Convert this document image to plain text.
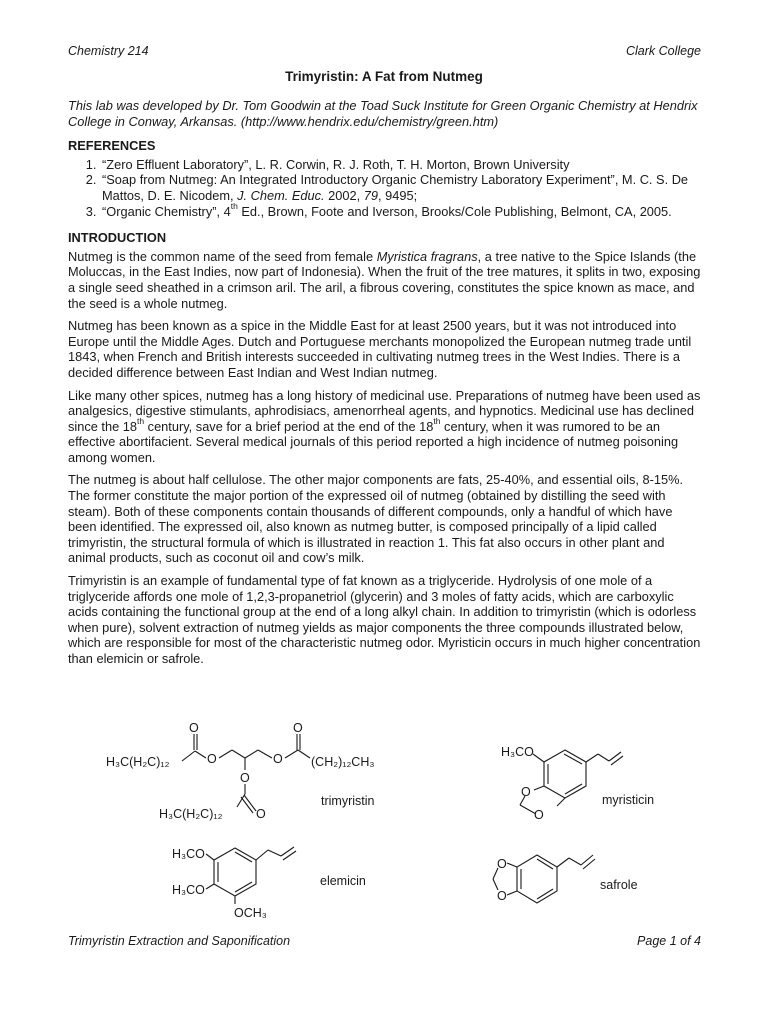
Chemistry 214	Clark College
Trimyristin: A Fat from Nutmeg

This lab was developed by Dr. Tom Goodwin at the Toad Suck Institute for Green Organic Chemistry at Hendrix College in Conway, Arkansas. (http://www.hendrix.edu/chemistry/green.htm)

REFERENCES
1. “Zero Effluent Laboratory”, L. R. Corwin, R. J. Roth, T. H. Morton, Brown University
2. “Soap from Nutmeg: An Integrated Introductory Organic Chemistry Laboratory Experiment”, M. C. S. De Mattos, D. E. Nicodem, J. Chem. Educ. 2002, 79, 9495;
3. “Organic Chemistry”, 4th Ed., Brown, Foote and Iverson, Brooks/Cole Publishing, Belmont, CA, 2005.
INTRODUCTION

Nutmeg is the common name of the seed from female Myristica fragrans, a tree native to the Spice Islands (the Moluccas, in the East Indies, now part of Indonesia). When the fruit of the tree matures, it splits in two, exposing a single seed sheathed in a crimson aril. The aril, a fibrous covering, constitutes the spice known as mace, and the seed is a whole nutmeg.

Nutmeg has been known as a spice in the Middle East for at least 2500 years, but it was not introduced into Europe until the Middle Ages. Dutch and Portuguese merchants monopolized the European nutmeg trade until 1843, when French and British interests succeeded in cultivating nutmeg trees in the West Indies. There is a decided difference between East Indian and West Indian nutmeg.

Like many other spices, nutmeg has a long history of medicinal use. Preparations of nutmeg have been used as analgesics, digestive stimulants, aphrodisiacs, amenorrheal agents, and hypnotics. Medicinal use has declined since the 18th century, save for a brief period at the end of the 18th century, when it was rumored to be an effective abortifacient. Several medical journals of this period reported a high incidence of nutmeg poisoning among women.

The nutmeg is about half cellulose. The other major components are fats, 25-40%, and essential oils, 8-15%. The former constitute the major portion of the expressed oil of nutmeg (obtained by distilling the seed with steam). Both of these components contain thousands of different compounds, only a handful of which have been identified. The expressed oil, also known as nutmeg butter, is composed principally of a lipid called trimyristin, the structural formula of which is illustrated in reaction 1. This fat also occurs in other plant and animal products, such as coconut oil and cow’s milk.

Trimyristin is an example of fundamental type of fat known as a triglyceride. Hydrolysis of one mole of a triglyceride affords one mole of 1,2,3-propanetriol (glycerin) and 3 moles of fatty acids, which are carboxylic acids containing the functional group at the end of a long alkyl chain. In addition to trimyristin (which is odorless when pure), solvent extraction of nutmeg yields as major components the three compounds illustrated below, which are responsible for most of the characteristic nutmeg odor. Myristicin occurs in much higher concentration than elemicin or safrole.

H₃C(H₂C)₁₂
O
O	O
O
(CH₂)₁₂CH₃
O
H₃C(H₂C)₁₂	O
trimyristin
H₃CO
O
O
myristicin
H₃CO
H₃CO
OCH₃
elemicin
O
O
safrole
Trimyristin Extraction and Saponification	Page 1 of 4
